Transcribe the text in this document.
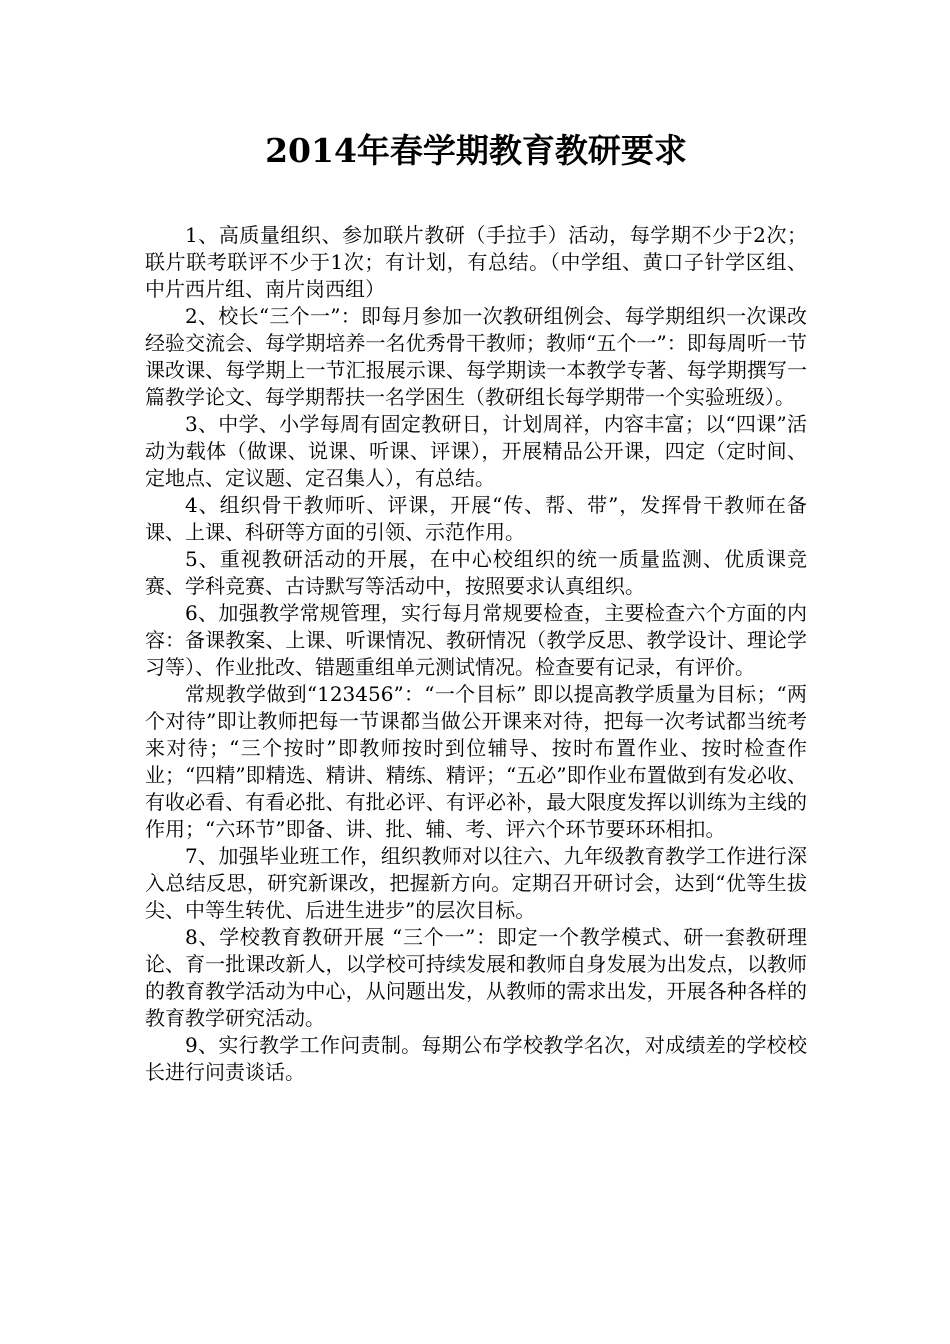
2014年春学期教育教研要求

1、高质量组织、参加联片教研（手拉手）活动，每学期不少于2次；联片联考联评不少于1次；有计划，有总结。（中学组、黄口子针学区组、中片西片组、南片岗西组）

2、校长“三个一”：即每月参加一次教研组例会、每学期组织一次课改经验交流会、每学期培养一名优秀骨干教师；教师“五个一”：即每周听一节课改课、每学期上一节汇报展示课、每学期读一本教学专著、每学期撰写一篇教学论文、每学期帮扶一名学困生（教研组长每学期带一个实验班级）。

3、中学、小学每周有固定教研日，计划周祥，内容丰富；以“四课”活动为载体（做课、说课、听课、评课），开展精品公开课，四定（定时间、定地点、定议题、定召集人），有总结。

4、组织骨干教师听、评课，开展“传、帮、带”，发挥骨干教师在备课、上课、科研等方面的引领、示范作用。

5、重视教研活动的开展，在中心校组织的统一质量监测、优质课竞赛、学科竞赛、古诗默写等活动中，按照要求认真组织。

6、加强教学常规管理，实行每月常规要检查，主要检查六个方面的内容：备课教案、上课、听课情况、教研情况（教学反思、教学设计、理论学习等）、作业批改、错题重组单元测试情况。检查要有记录，有评价。

常规教学做到“123456”：“一个目标” 即以提高教学质量为目标；“两个对待”即让教师把每一节课都当做公开课来对待，把每一次考试都当统考来对待；“三个按时”即教师按时到位辅导、按时布置作业、按时检查作业；“四精”即精选、精讲、精练、精评；“五必”即作业布置做到有发必收、有收必看、有看必批、有批必评、有评必补，最大限度发挥以训练为主线的作用；“六环节”即备、讲、批、辅、考、评六个环节要环环相扣。

7、加强毕业班工作，组织教师对以往六、九年级教育教学工作进行深入总结反思，研究新课改，把握新方向。定期召开研讨会，达到“优等生拔尖、中等生转优、后进生进步”的层次目标。

8、学校教育教研开展 “三个一”：即定一个教学模式、研一套教研理论、育一批课改新人，以学校可持续发展和教师自身发展为出发点，以教师的教育教学活动为中心，从问题出发，从教师的需求出发，开展各种各样的教育教学研究活动。

9、实行教学工作问责制。每期公布学校教学名次，对成绩差的学校校长进行问责谈话。
